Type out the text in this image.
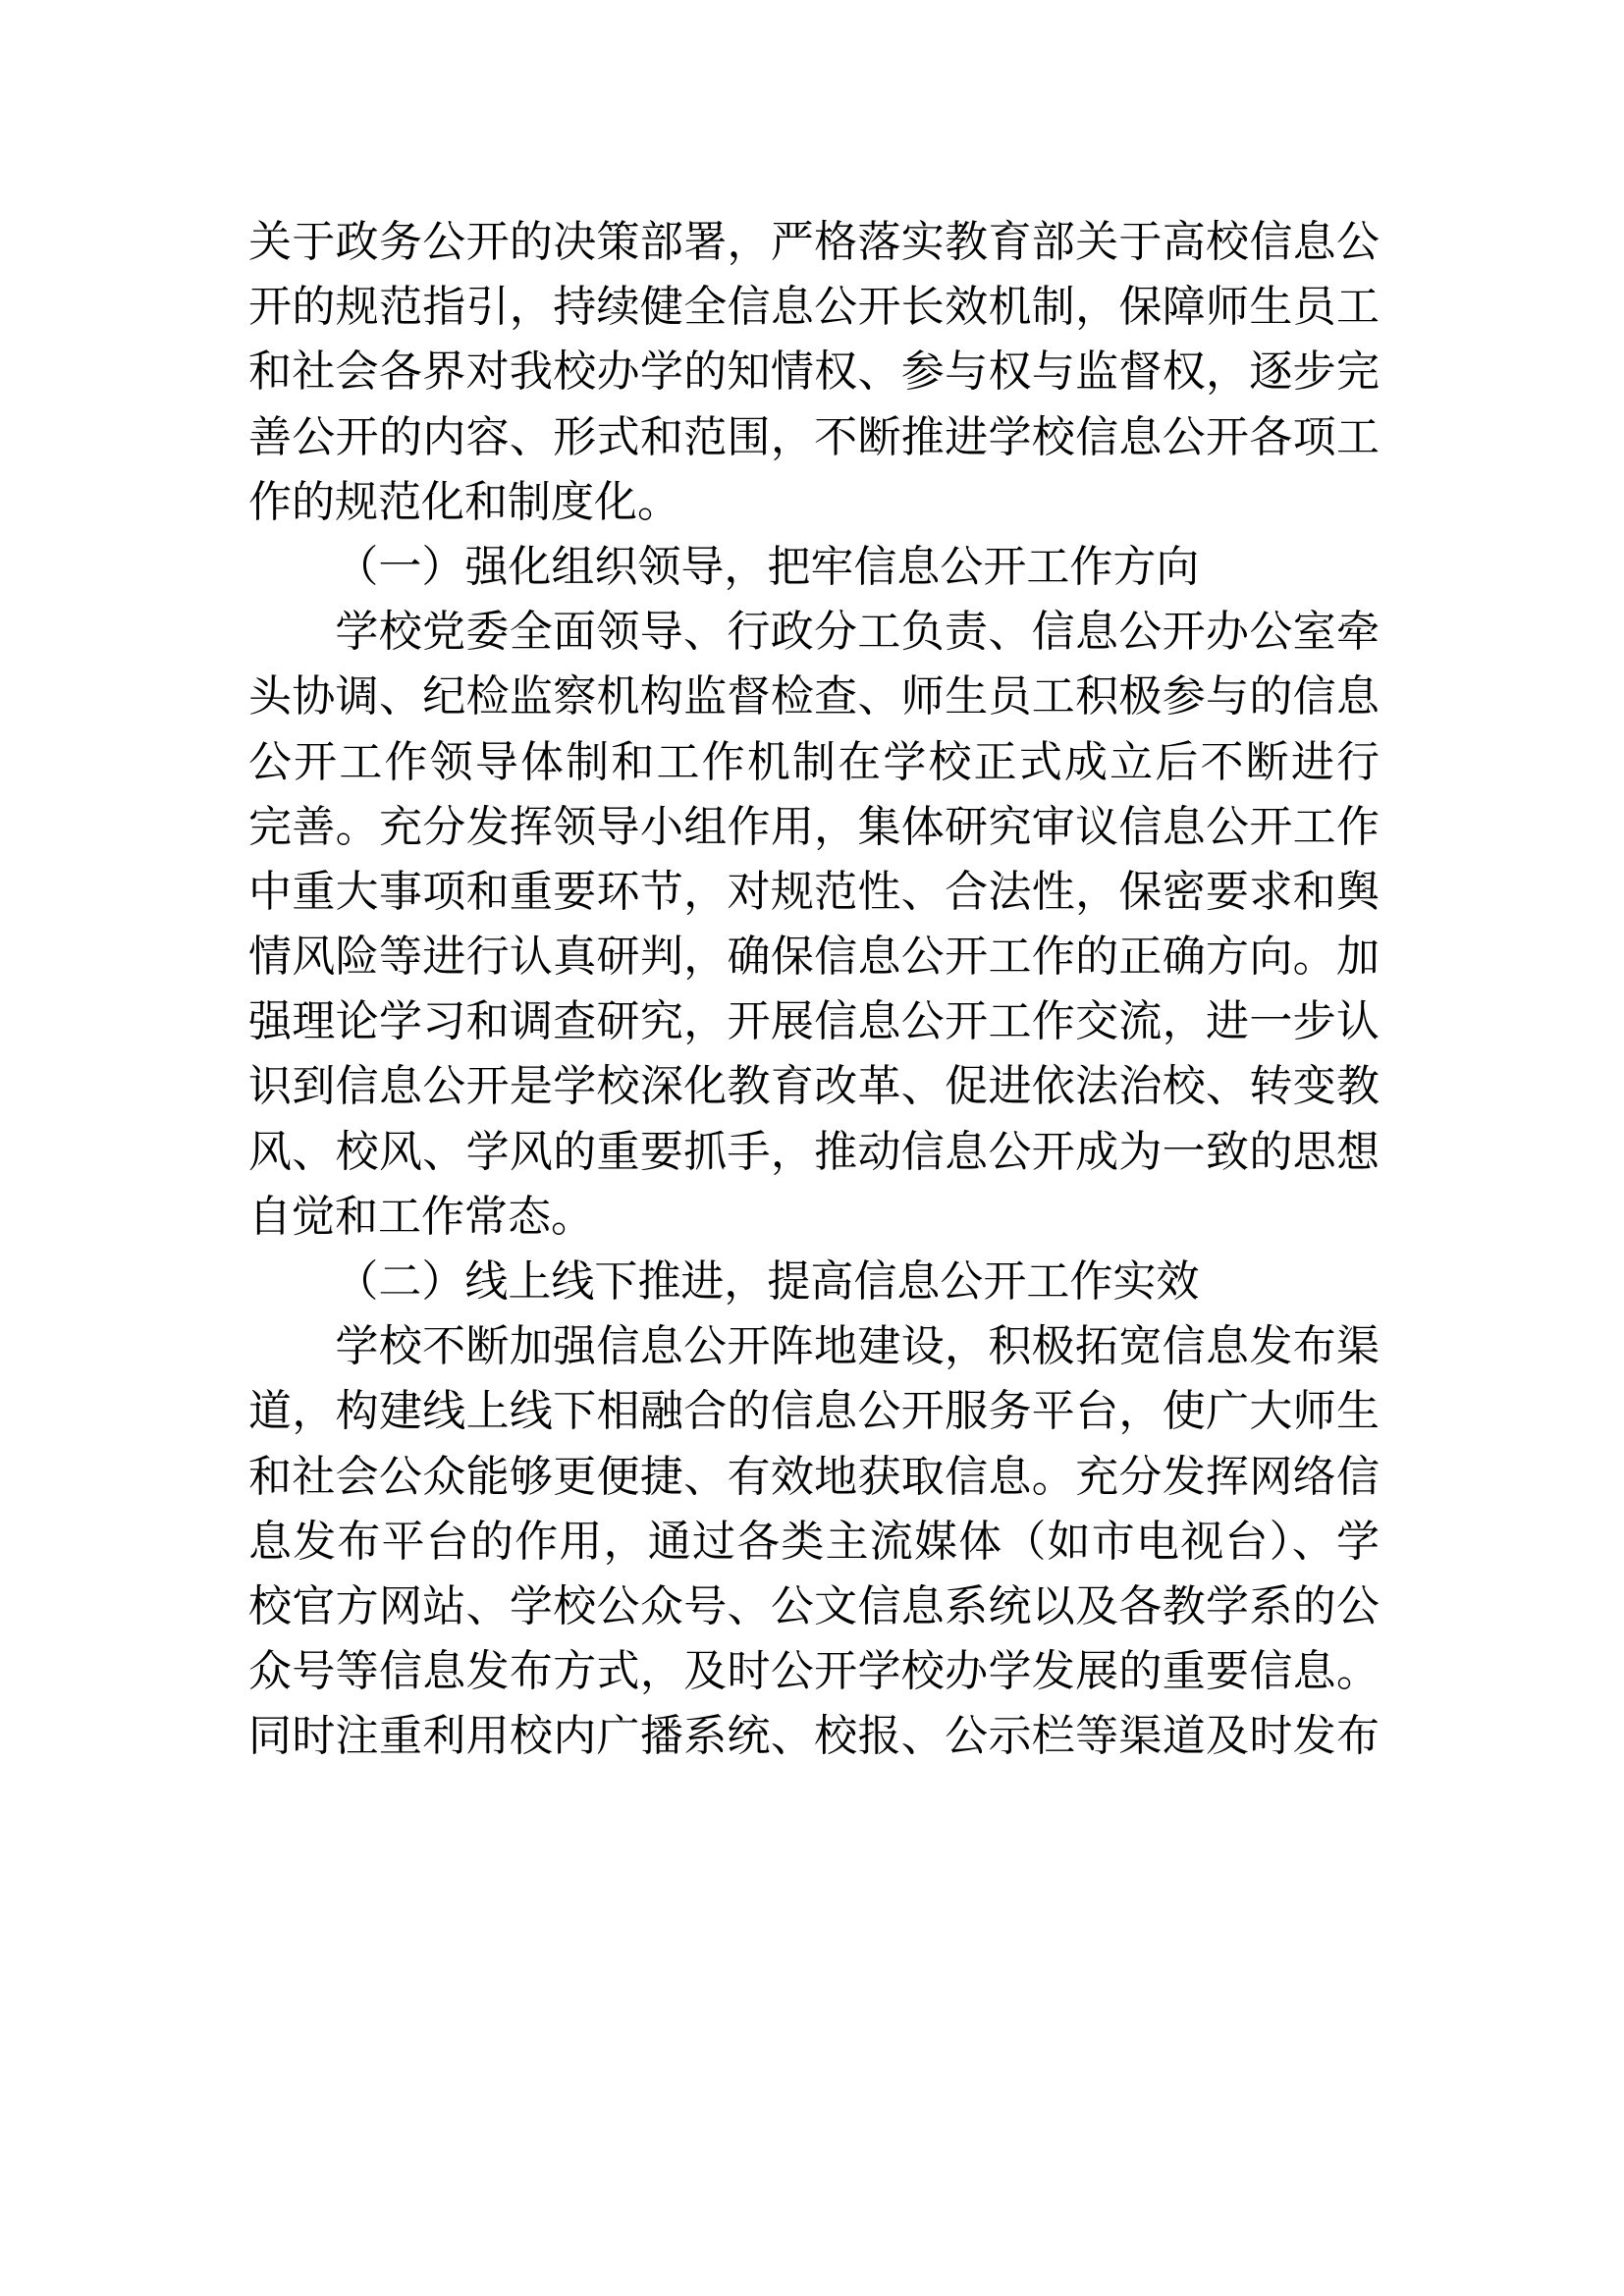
关于政务公开的决策部署，严格落实教育部关于高校信息公
开的规范指引，持续健全信息公开长效机制，保障师生员工
和社会各界对我校办学的知情权、参与权与监督权，逐步完
善公开的内容、形式和范围，不断推进学校信息公开各项工
作的规范化和制度化。
（一）强化组织领导，把牢信息公开工作方向
学校党委全面领导、行政分工负责、信息公开办公室牵
头协调、纪检监察机构监督检查、师生员工积极参与的信息
公开工作领导体制和工作机制在学校正式成立后不断进行
完善。充分发挥领导小组作用，集体研究审议信息公开工作
中重大事项和重要环节，对规范性、合法性，保密要求和舆
情风险等进行认真研判，确保信息公开工作的正确方向。加
强理论学习和调查研究，开展信息公开工作交流，进一步认
识到信息公开是学校深化教育改革、促进依法治校、转变教
风、校风、学风的重要抓手，推动信息公开成为一致的思想
自觉和工作常态。
（二）线上线下推进，提高信息公开工作实效
学校不断加强信息公开阵地建设，积极拓宽信息发布渠
道，构建线上线下相融合的信息公开服务平台，使广大师生
和社会公众能够更便捷、有效地获取信息。充分发挥网络信
息发布平台的作用，通过各类主流媒体（如市电视台）、学
校官方网站、学校公众号、公文信息系统以及各教学系的公
众号等信息发布方式，及时公开学校办学发展的重要信息。
同时注重利用校内广播系统、校报、公示栏等渠道及时发布
